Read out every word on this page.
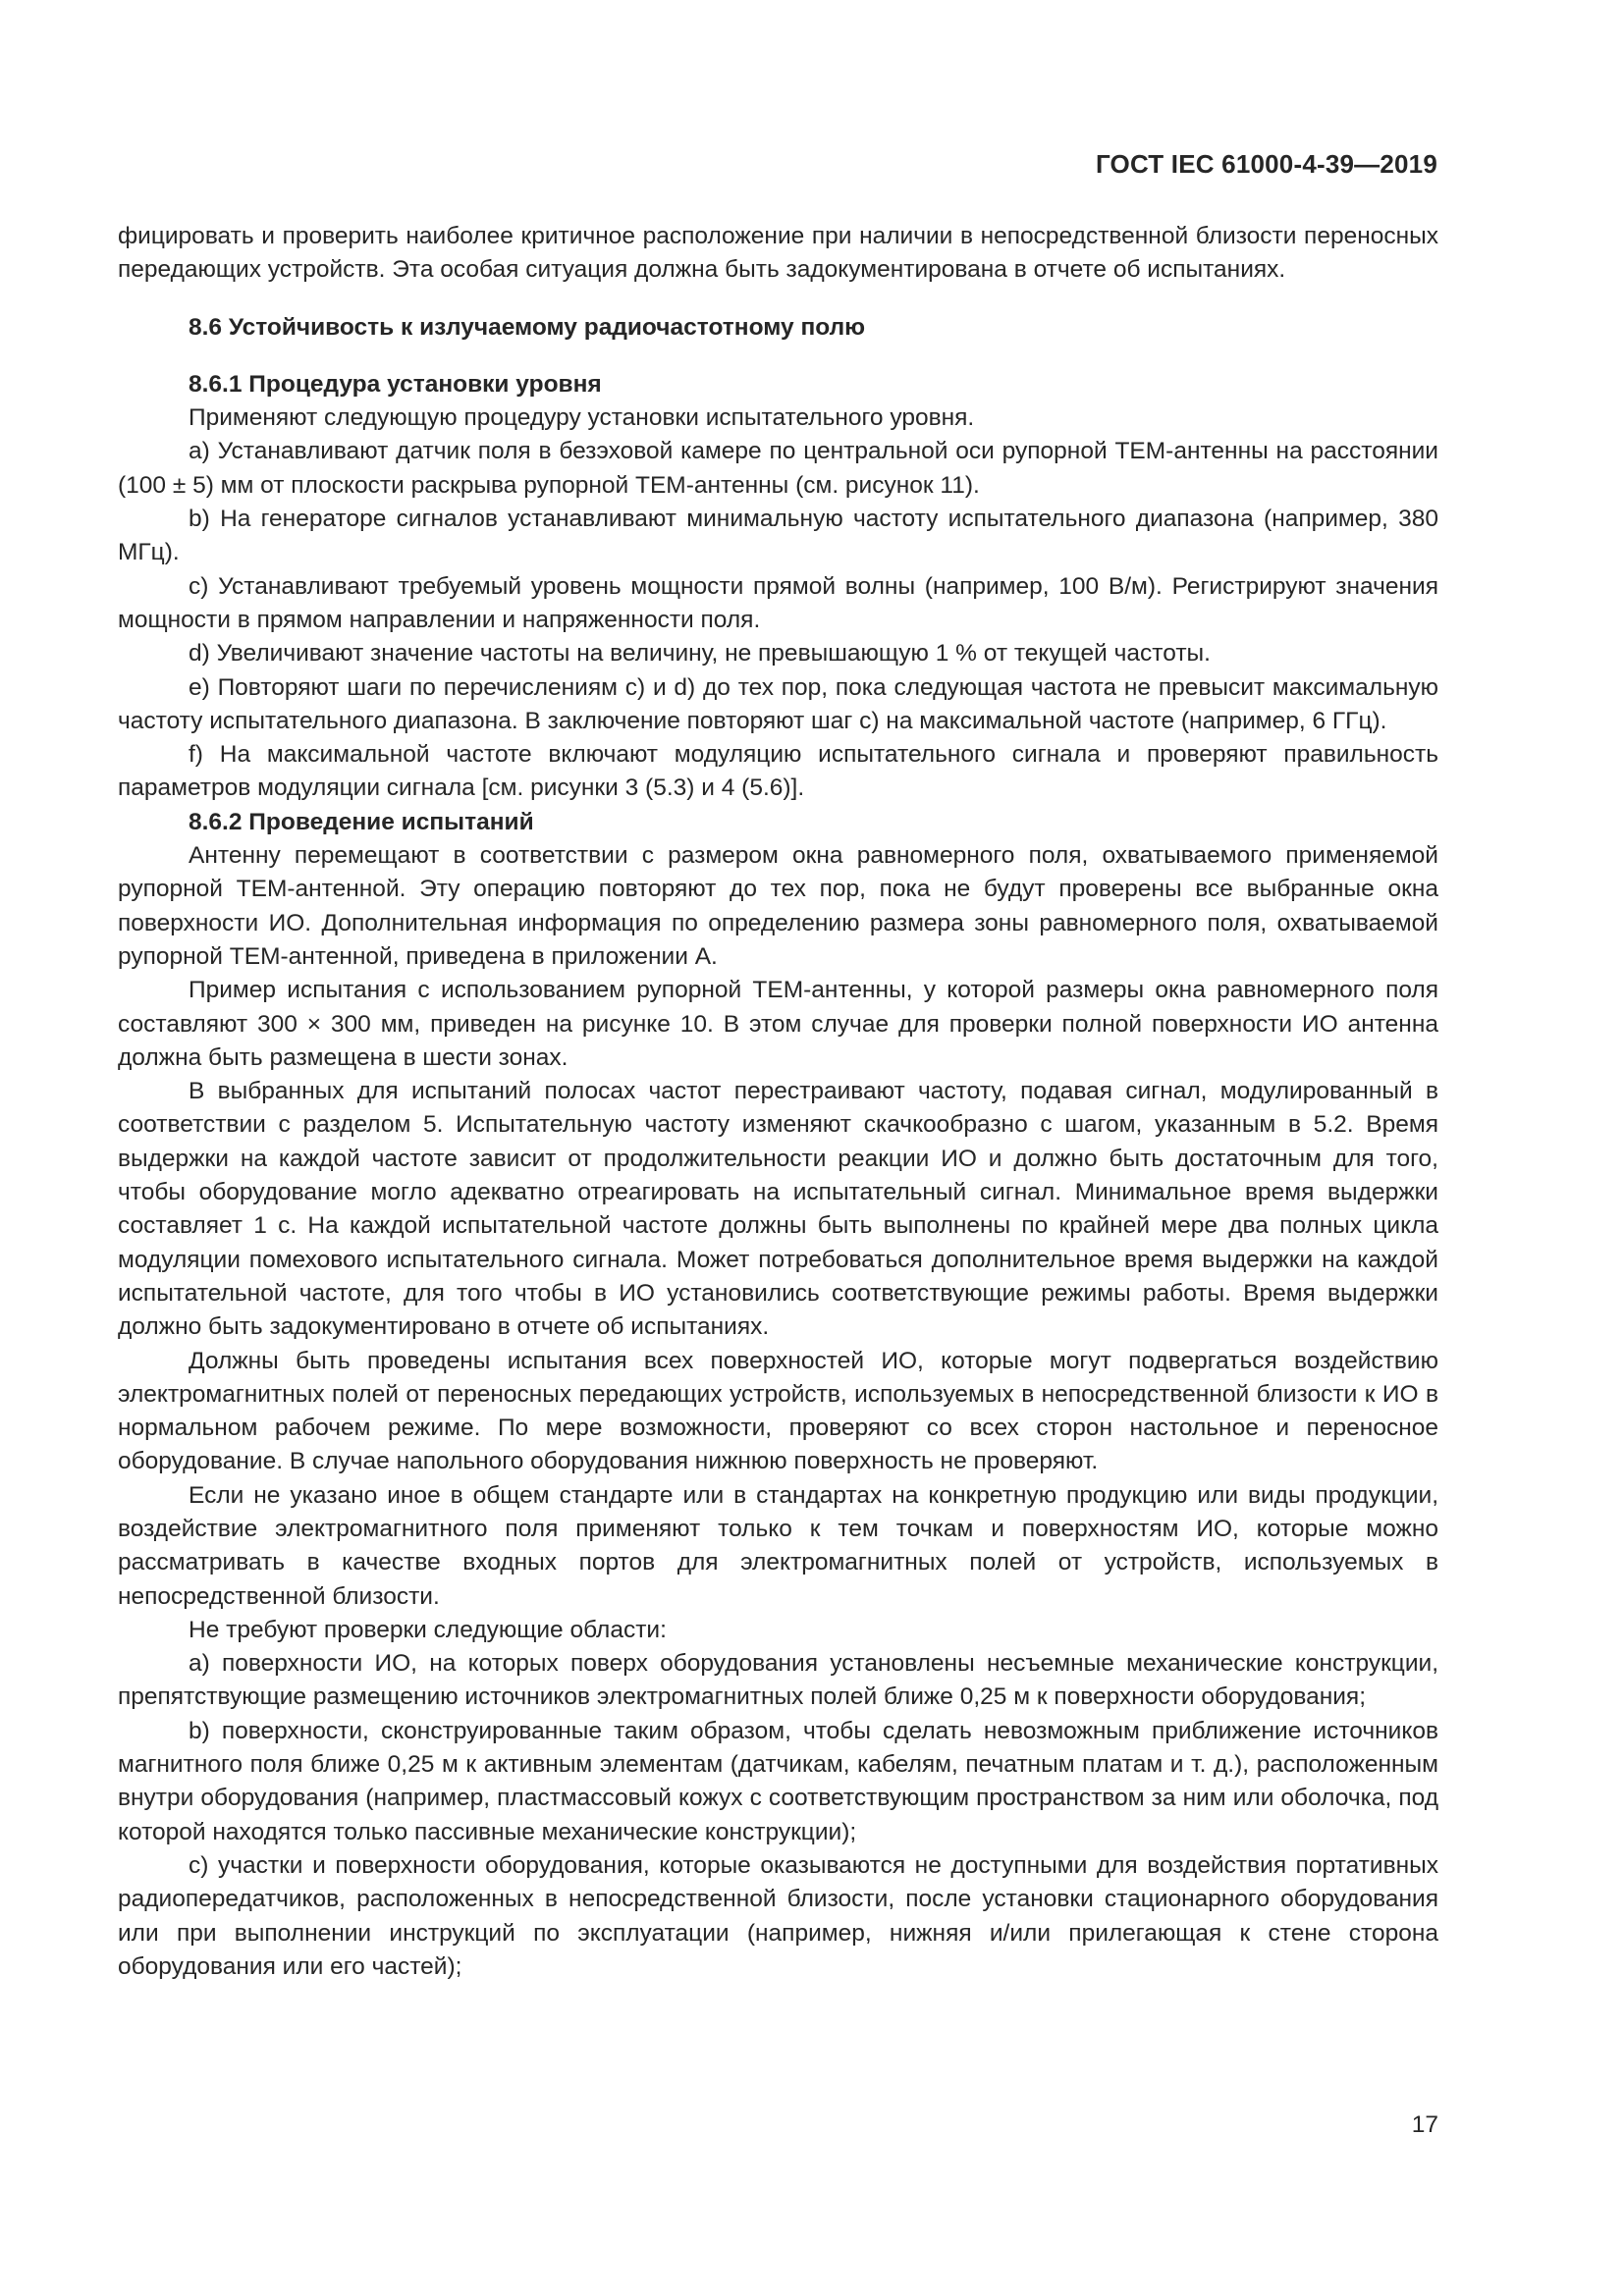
ГОСТ IEC 61000-4-39—2019

фицировать и проверить наиболее критичное расположение при наличии в непосредственной близости переносных передающих устройств. Эта особая ситуация должна быть задокументирована в отчете об испытаниях.

8.6 Устойчивость к излучаемому радиочастотному полю
8.6.1 Процедура установки уровня

Применяют следующую процедуру установки испытательного уровня.

а) Устанавливают датчик поля в безэховой камере по центральной оси рупорной ТЕМ-антенны на расстоянии (100 ± 5) мм от плоскости раскрыва рупорной ТЕМ-антенны (см. рисунок 11).

b) На генераторе сигналов устанавливают минимальную частоту испытательного диапазона (например, 380 МГц).

с) Устанавливают требуемый уровень мощности прямой волны (например, 100 В/м). Регистрируют значения мощности в прямом направлении и напряженности поля.

d) Увеличивают значение частоты на величину, не превышающую 1 % от текущей частоты.

e) Повторяют шаги по перечислениям с) и d) до тех пор, пока следующая частота не превысит максимальную частоту испытательного диапазона. В заключение повторяют шаг с) на максимальной частоте (например, 6 ГГц).

f) На максимальной частоте включают модуляцию испытательного сигнала и проверяют правильность параметров модуляции сигнала [см. рисунки 3 (5.3) и 4 (5.6)].

8.6.2 Проведение испытаний

Антенну перемещают в соответствии с размером окна равномерного поля, охватываемого применяемой рупорной ТЕМ-антенной. Эту операцию повторяют до тех пор, пока не будут проверены все выбранные окна поверхности ИО. Дополнительная информация по определению размера зоны равномерного поля, охватываемой рупорной ТЕМ-антенной, приведена в приложении А.

Пример испытания с использованием рупорной ТЕМ-антенны, у которой размеры окна равномерного поля составляют 300 × 300 мм, приведен на рисунке 10. В этом случае для проверки полной поверхности ИО антенна должна быть размещена в шести зонах.

В выбранных для испытаний полосах частот перестраивают частоту, подавая сигнал, модулированный в соответствии с разделом 5. Испытательную частоту изменяют скачкообразно с шагом, указанным в 5.2. Время выдержки на каждой частоте зависит от продолжительности реакции ИО и должно быть достаточным для того, чтобы оборудование могло адекватно отреагировать на испытательный сигнал. Минимальное время выдержки составляет 1 с. На каждой испытательной частоте должны быть выполнены по крайней мере два полных цикла модуляции помехового испытательного сигнала. Может потребоваться дополнительное время выдержки на каждой испытательной частоте, для того чтобы в ИО установились соответствующие режимы работы. Время выдержки должно быть задокументировано в отчете об испытаниях.

Должны быть проведены испытания всех поверхностей ИО, которые могут подвергаться воздействию электромагнитных полей от переносных передающих устройств, используемых в непосредственной близости к ИО в нормальном рабочем режиме. По мере возможности, проверяют со всех сторон настольное и переносное оборудование. В случае напольного оборудования нижнюю поверхность не проверяют.

Если не указано иное в общем стандарте или в стандартах на конкретную продукцию или виды продукции, воздействие электромагнитного поля применяют только к тем точкам и поверхностям ИО, которые можно рассматривать в качестве входных портов для электромагнитных полей от устройств, используемых в непосредственной близости.

Не требуют проверки следующие области:

а) поверхности ИО, на которых поверх оборудования установлены несъемные механические конструкции, препятствующие размещению источников электромагнитных полей ближе 0,25 м к поверхности оборудования;

b) поверхности, сконструированные таким образом, чтобы сделать невозможным приближение источников магнитного поля ближе 0,25 м к активным элементам (датчикам, кабелям, печатным платам и т. д.), расположенным внутри оборудования (например, пластмассовый кожух с соответствующим пространством за ним или оболочка, под которой находятся только пассивные механические конструкции);

с) участки и поверхности оборудования, которые оказываются не доступными для воздействия портативных радиопередатчиков, расположенных в непосредственной близости, после установки стационарного оборудования или при выполнении инструкций по эксплуатации (например, нижняя и/или прилегающая к стене сторона оборудования или его частей);

17
